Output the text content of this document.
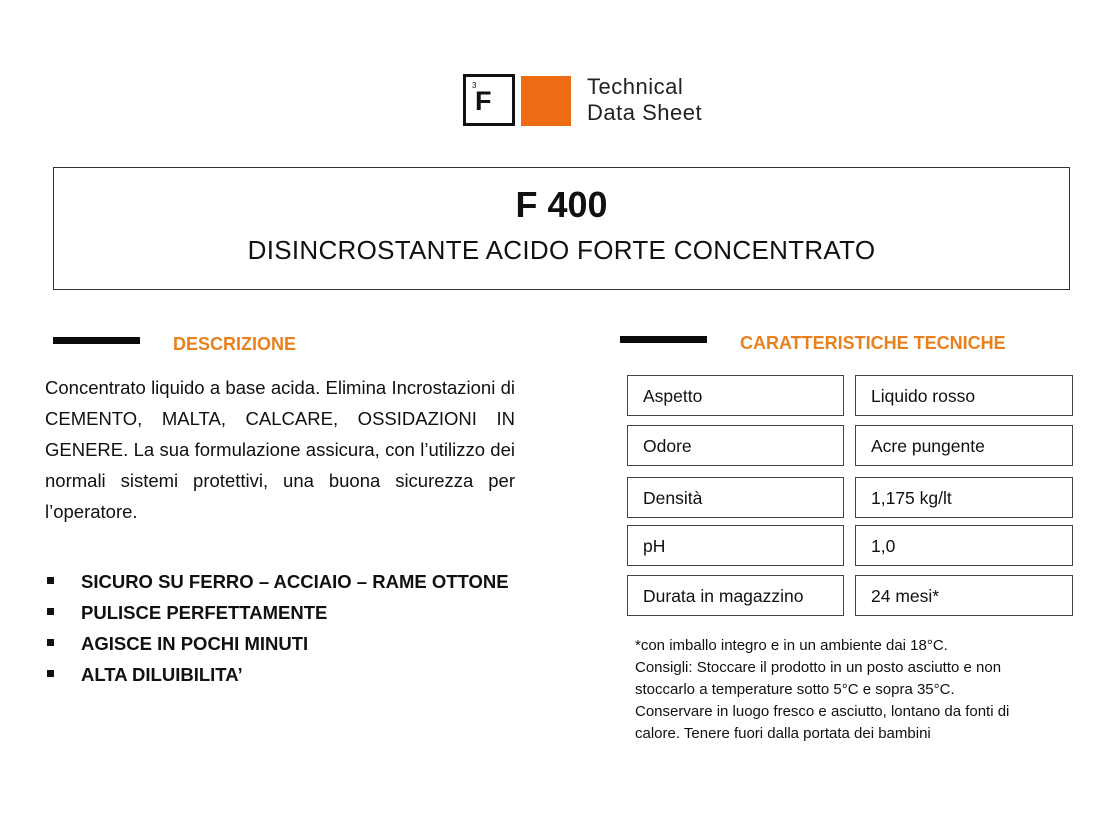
3
F	Technical
Data Sheet
F 400
DISINCROSTANTE ACIDO FORTE CONCENTRATO
DESCRIZIONE
Concentrato liquido a base acida. Elimina Incrostazioni di CEMENTO, MALTA, CALCARE, OSSIDAZIONI IN GENERE. La sua formulazione assicura, con l’utilizzo dei normali sistemi protettivi, una buona sicurezza per l’operatore.
SICURO SU FERRO – ACCIAIO – RAME OTTONE
PULISCE PERFETTAMENTE
AGISCE IN POCHI MINUTI
ALTA DILUIBILITA’
CARATTERISTICHE TECNICHE
Aspetto	Liquido rosso
Odore	Acre pungente
Densità	1,175 kg/lt
pH	1,0
Durata in magazzino	24 mesi*
*con imballo integro e in un ambiente dai 18°C.
Consigli: Stoccare il prodotto in un posto asciutto e non
stoccarlo a temperature sotto 5°C e sopra 35°C.
Conservare in luogo fresco e asciutto, lontano da fonti di
calore. Tenere fuori dalla portata dei bambini
